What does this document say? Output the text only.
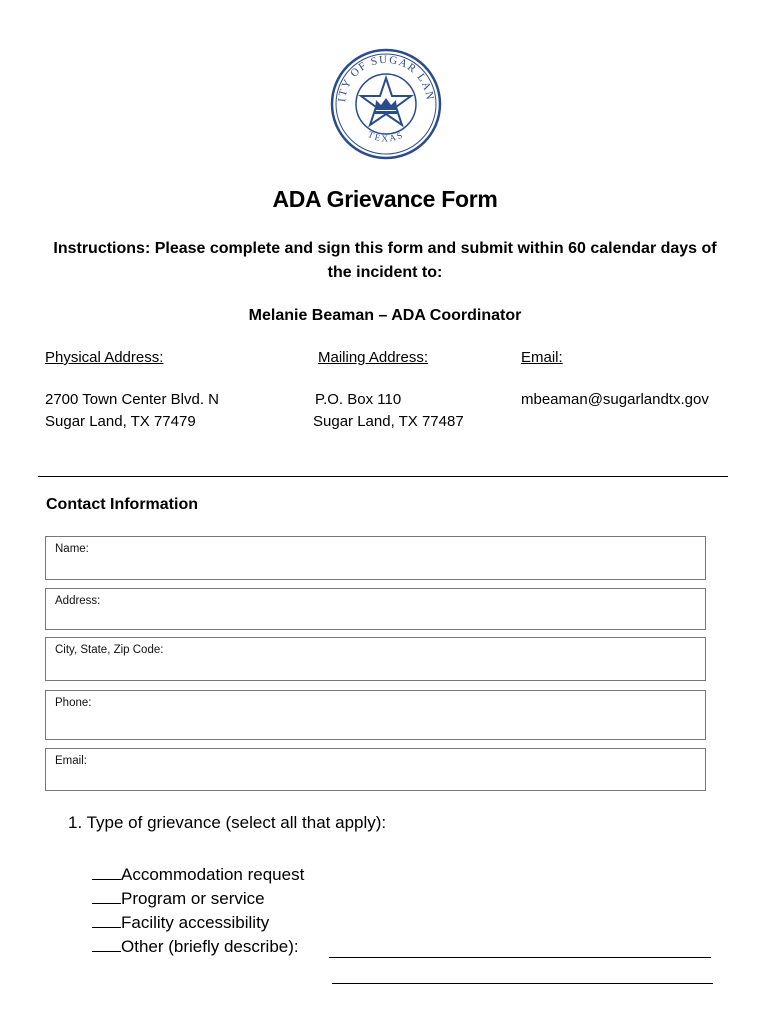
ITY OF SUGAR LAN
TEXAS
ADA Grievance Form
Instructions: Please complete and sign this form and submit within 60 calendar days of the incident to:
Melanie Beaman – ADA Coordinator
Physical Address:
2700 Town Center Blvd. N
Sugar Land, TX 77479
Mailing Address:
P.O. Box 110
Sugar Land, TX 77487
Email:
mbeaman@sugarlandtx.gov
Contact Information
Name:
Address:
City, State, Zip Code:
Phone:
Email:
1. Type of grievance (select all that apply):
Accommodation request
Program or service
Facility accessibility
Other (briefly describe):
